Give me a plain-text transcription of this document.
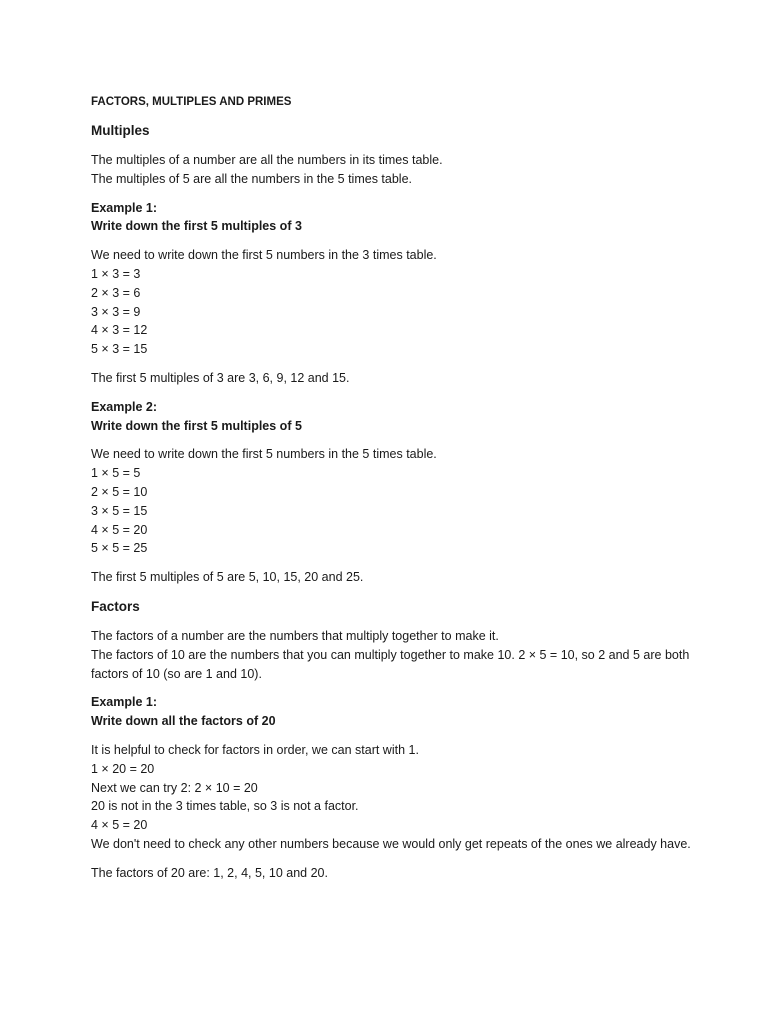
FACTORS, MULTIPLES AND PRIMES
Multiples
The multiples of a number are all the numbers in its times table.
The multiples of 5 are all the numbers in the 5 times table.
Example 1:
Write down the first 5 multiples of 3
We need to write down the first 5 numbers in the 3 times table.
1 × 3 = 3
2 × 3 = 6
3 × 3 = 9
4 × 3 = 12
5 × 3 = 15
The first 5 multiples of 3 are 3, 6, 9, 12 and 15.
Example 2:
Write down the first 5 multiples of 5
We need to write down the first 5 numbers in the 5 times table.
1 × 5 = 5
2 × 5 = 10
3 × 5 = 15
4 × 5 = 20
5 × 5 = 25
The first 5 multiples of 5 are 5, 10, 15, 20 and 25.
Factors
The factors of a number are the numbers that multiply together to make it.
The factors of 10 are the numbers that you can multiply together to make 10. 2 × 5 = 10, so 2 and 5 are both factors of 10 (so are 1 and 10).
Example 1:
Write down all the factors of 20
It is helpful to check for factors in order, we can start with 1.
1 × 20 = 20
Next we can try 2: 2 × 10 = 20
20 is not in the 3 times table, so 3 is not a factor.
4 × 5 = 20
We don't need to check any other numbers because we would only get repeats of the ones we already have.
The factors of 20 are: 1, 2, 4, 5, 10 and 20.
